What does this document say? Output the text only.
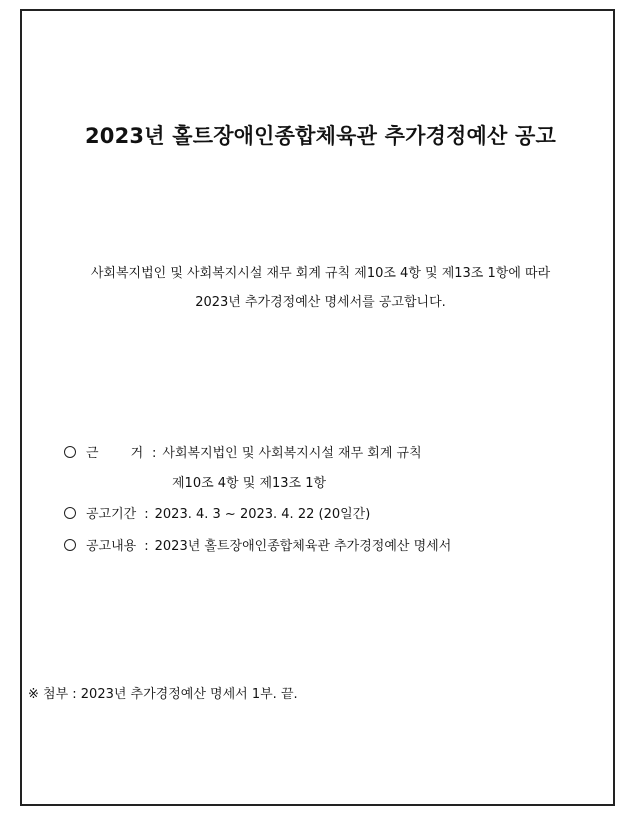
2023년 홀트장애인종합체육관 추가경정예산 공고
사회복지법인 및 사회복지시설 재무 회계 규칙 제10조 4항 및 제13조 1항에 따라
2023년 추가경정예산 명세서를 공고합니다.
근 거 : 사회복지법인 및 사회복지시설 재무 회계 규칙
제10조 4항 및 제13조 1항
공고기간 : 2023. 4. 3 ~ 2023. 4. 22 (20일간)
공고내용 : 2023년 홀트장애인종합체육관 추가경정예산 명세서
※ 첨부 : 2023년 추가경정예산 명세서 1부. 끝.
